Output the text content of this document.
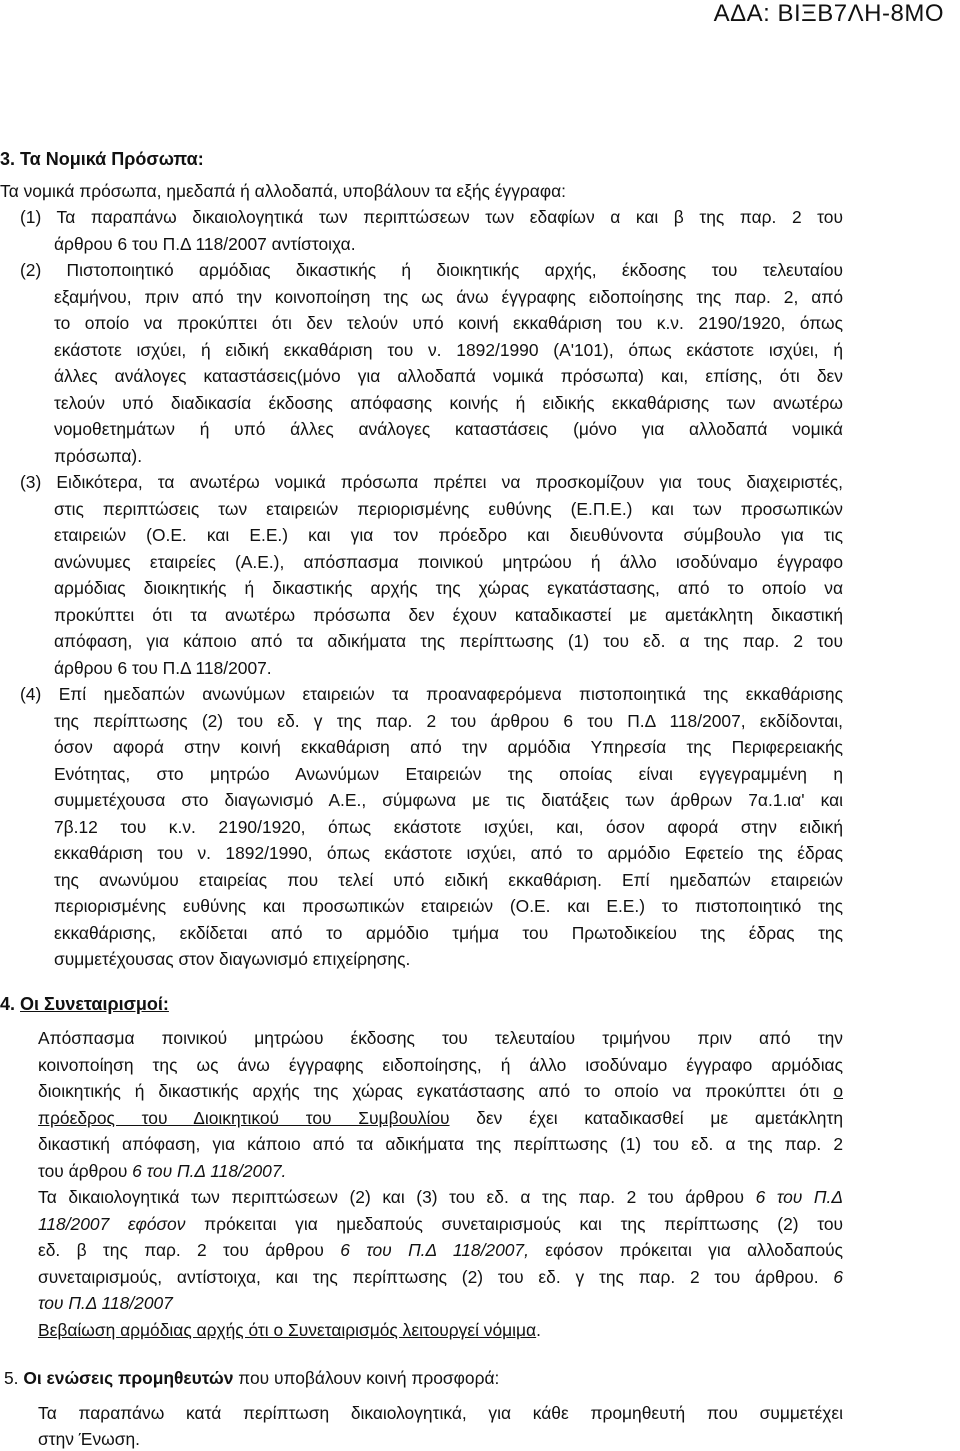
ΑΔΑ: ΒΙΞΒ7ΛΗ-8ΜΟ
3. Τα Νομικά Πρόσωπα:
Τα νομικά πρόσωπα, ημεδαπά ή αλλοδαπά, υποβάλουν τα εξής έγγραφα:
(1) Τα παραπάνω δικαιολογητικά των περιπτώσεων των εδαφίων α και β της παρ. 2 του
άρθρου 6 του Π.Δ 118/2007 αντίστοιχα.
(2) Πιστοποιητικό αρμόδιας δικαστικής ή διοικητικής αρχής, έκδοσης του τελευταίου
εξαμήνου, πριν από την κοινοποίηση της ως άνω έγγραφης ειδοποίησης της παρ. 2, από
το οποίο να προκύπτει ότι δεν τελούν υπό κοινή εκκαθάριση του κ.ν. 2190/1920, όπως
εκάστοτε ισχύει, ή ειδική εκκαθάριση του ν. 1892/1990 (Α'101), όπως εκάστοτε ισχύει, ή
άλλες ανάλογες καταστάσεις(μόνο για αλλοδαπά νομικά πρόσωπα) και, επίσης, ότι δεν
τελούν υπό διαδικασία έκδοσης απόφασης κοινής ή ειδικής εκκαθάρισης των ανωτέρω
νομοθετημάτων ή υπό άλλες ανάλογες καταστάσεις (μόνο για αλλοδαπά νομικά
πρόσωπα).
(3) Ειδικότερα, τα ανωτέρω νομικά πρόσωπα πρέπει να προσκομίζουν για τους διαχειριστές,
στις περιπτώσεις των εταιρειών περιορισμένης ευθύνης (Ε.Π.Ε.) και των προσωπικών
εταιρειών (Ο.Ε. και Ε.Ε.) και για τον πρόεδρο και διευθύνοντα σύμβουλο για τις
ανώνυμες εταιρείες (Α.Ε.), απόσπασμα ποινικού μητρώου ή άλλο ισοδύναμο έγγραφο
αρμόδιας διοικητικής ή δικαστικής αρχής της χώρας εγκατάστασης, από το οποίο να
προκύπτει ότι τα ανωτέρω πρόσωπα δεν έχουν καταδικαστεί με αμετάκλητη δικαστική
απόφαση, για κάποιο από τα αδικήματα της περίπτωσης (1) του εδ. α της παρ. 2 του
άρθρου 6 του Π.Δ 118/2007.
(4) Επί ημεδαπών ανωνύμων εταιρειών τα προαναφερόμενα πιστοποιητικά της εκκαθάρισης
της περίπτωσης (2) του εδ. γ της παρ. 2 του άρθρου 6 του Π.Δ 118/2007, εκδίδονται,
όσον αφορά στην κοινή εκκαθάριση από την αρμόδια Υπηρεσία της Περιφερειακής
Ενότητας, στο μητρώο Ανωνύμων Εταιρειών της οποίας είναι εγγεγραμμένη η
συμμετέχουσα στο διαγωνισμό Α.Ε., σύμφωνα με τις διατάξεις των άρθρων 7α.1.ια' και
7β.12 του κ.ν. 2190/1920, όπως εκάστοτε ισχύει, και, όσον αφορά στην ειδική
εκκαθάριση του ν. 1892/1990, όπως εκάστοτε ισχύει, από το αρμόδιο Εφετείο της έδρας
της ανωνύμου εταιρείας που τελεί υπό ειδική εκκαθάριση. Επί ημεδαπών εταιρειών
περιορισμένης ευθύνης και προσωπικών εταιρειών (Ο.Ε. και Ε.Ε.) το πιστοποιητικό της
εκκαθάρισης, εκδίδεται από το αρμόδιο τμήμα του Πρωτοδικείου της έδρας της
συμμετέχουσας στον διαγωνισμό επιχείρησης.
4. Οι Συνεταιρισμοί:
Απόσπασμα ποινικού μητρώου έκδοσης του τελευταίου τριμήνου πριν από την
κοινοποίηση της ως άνω έγγραφης ειδοποίησης, ή άλλο ισοδύναμο έγγραφο αρμόδιας
διοικητικής ή δικαστικής αρχής της χώρας εγκατάστασης από το οποίο να προκύπτει ότι ο
πρόεδρος του Διοικητικού του Συμβουλίου δεν έχει καταδικασθεί με αμετάκλητη
δικαστική απόφαση, για κάποιο από τα αδικήματα της περίπτωσης (1) του εδ. α της παρ. 2
του άρθρου 6 του Π.Δ 118/2007.
Τα δικαιολογητικά των περιπτώσεων (2) και (3) του εδ. α της παρ. 2 του άρθρου 6 του Π.Δ
118/2007 εφόσον πρόκειται για ημεδαπούς συνεταιρισμούς και της περίπτωσης (2) του
εδ. β της παρ. 2 του άρθρου 6 του Π.Δ 118/2007, εφόσον πρόκειται για αλλοδαπούς
συνεταιρισμούς, αντίστοιχα, και της περίπτωσης (2) του εδ. γ της παρ. 2 του άρθρου. 6
του Π.Δ 118/2007
Βεβαίωση αρμόδιας αρχής ότι ο Συνεταιρισμός λειτουργεί νόμιμα.
5. Οι ενώσεις προμηθευτών που υποβάλουν κοινή προσφορά:
Τα παραπάνω κατά περίπτωση δικαιολογητικά, για κάθε προμηθευτή που συμμετέχει
στην Ένωση.
